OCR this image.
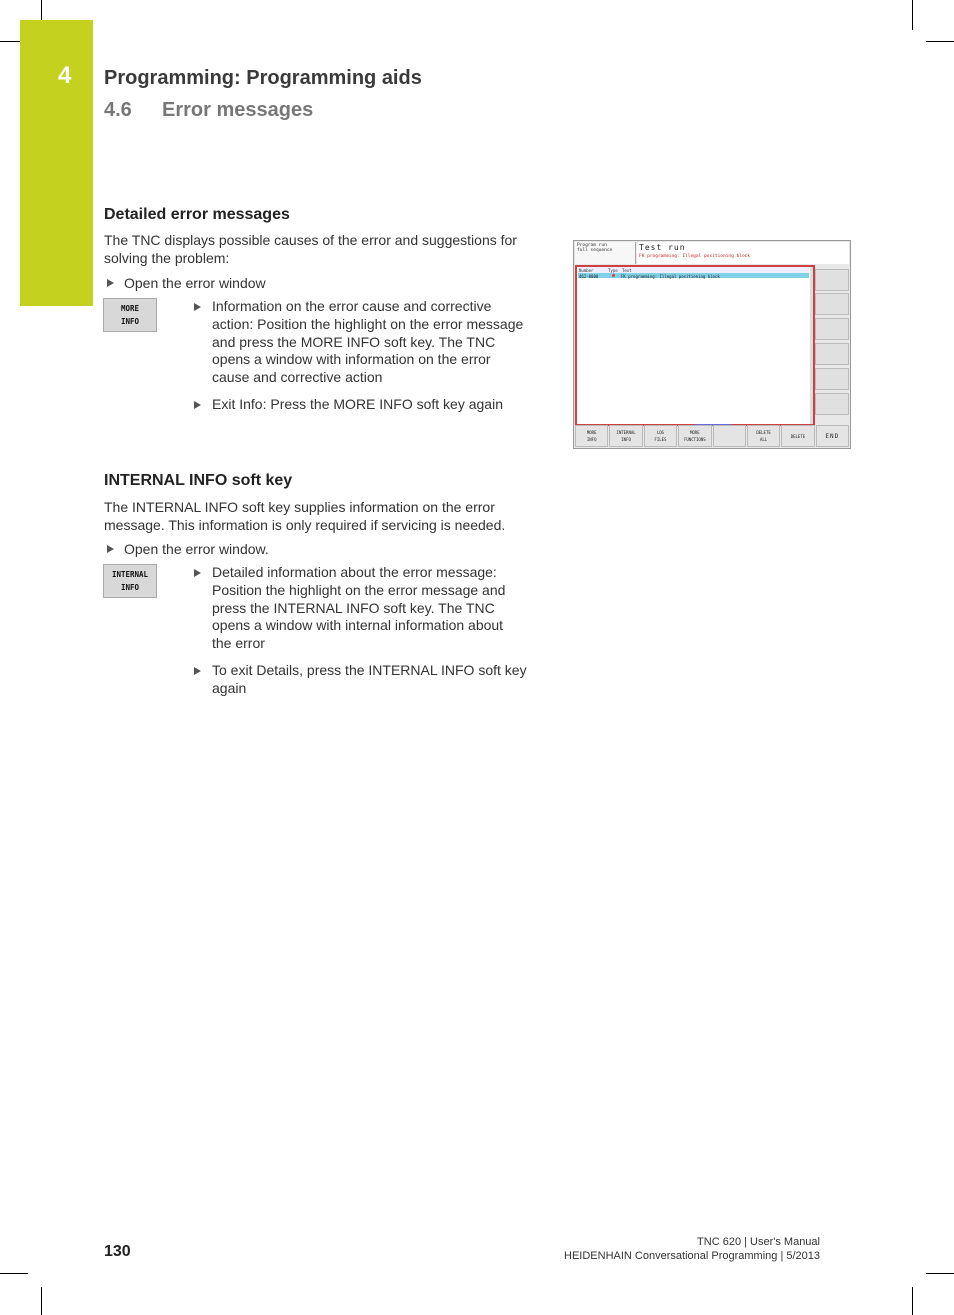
4 Programming: Programming aids
4.6 Error messages
Detailed error messages

The TNC displays possible causes of the error and suggestions for
solving the problem:

Open the error window
MORE
INFO
Information on the error cause and corrective
action: Position the highlight on the error message
and press the MORE INFO soft key. The TNC
opens a window with information on the error
cause and corrective action
Exit Info: Press the MORE INFO soft key again
Program run
full sequence	Test run
FK programming: Illegal positioning block
Number	Type Text
462-0000	FK programming: Illegal positioning block
MORE
INFO
INTERNAL
INFO
LOG
FILES
MORE
FUNCTIONS
DELETE
ALL
DELETE	END
INTERNAL INFO soft key

The INTERNAL INFO soft key supplies information on the error
message. This information is only required if servicing is needed.

Open the error window.
INTERNAL
INFO
Detailed information about the error message:
Position the highlight on the error message and
press the INTERNAL INFO soft key. The TNC
opens a window with internal information about
the error
To exit Details, press the INTERNAL INFO soft key
again
130
TNC 620 | User's Manual
HEIDENHAIN Conversational Programming | 5/2013
